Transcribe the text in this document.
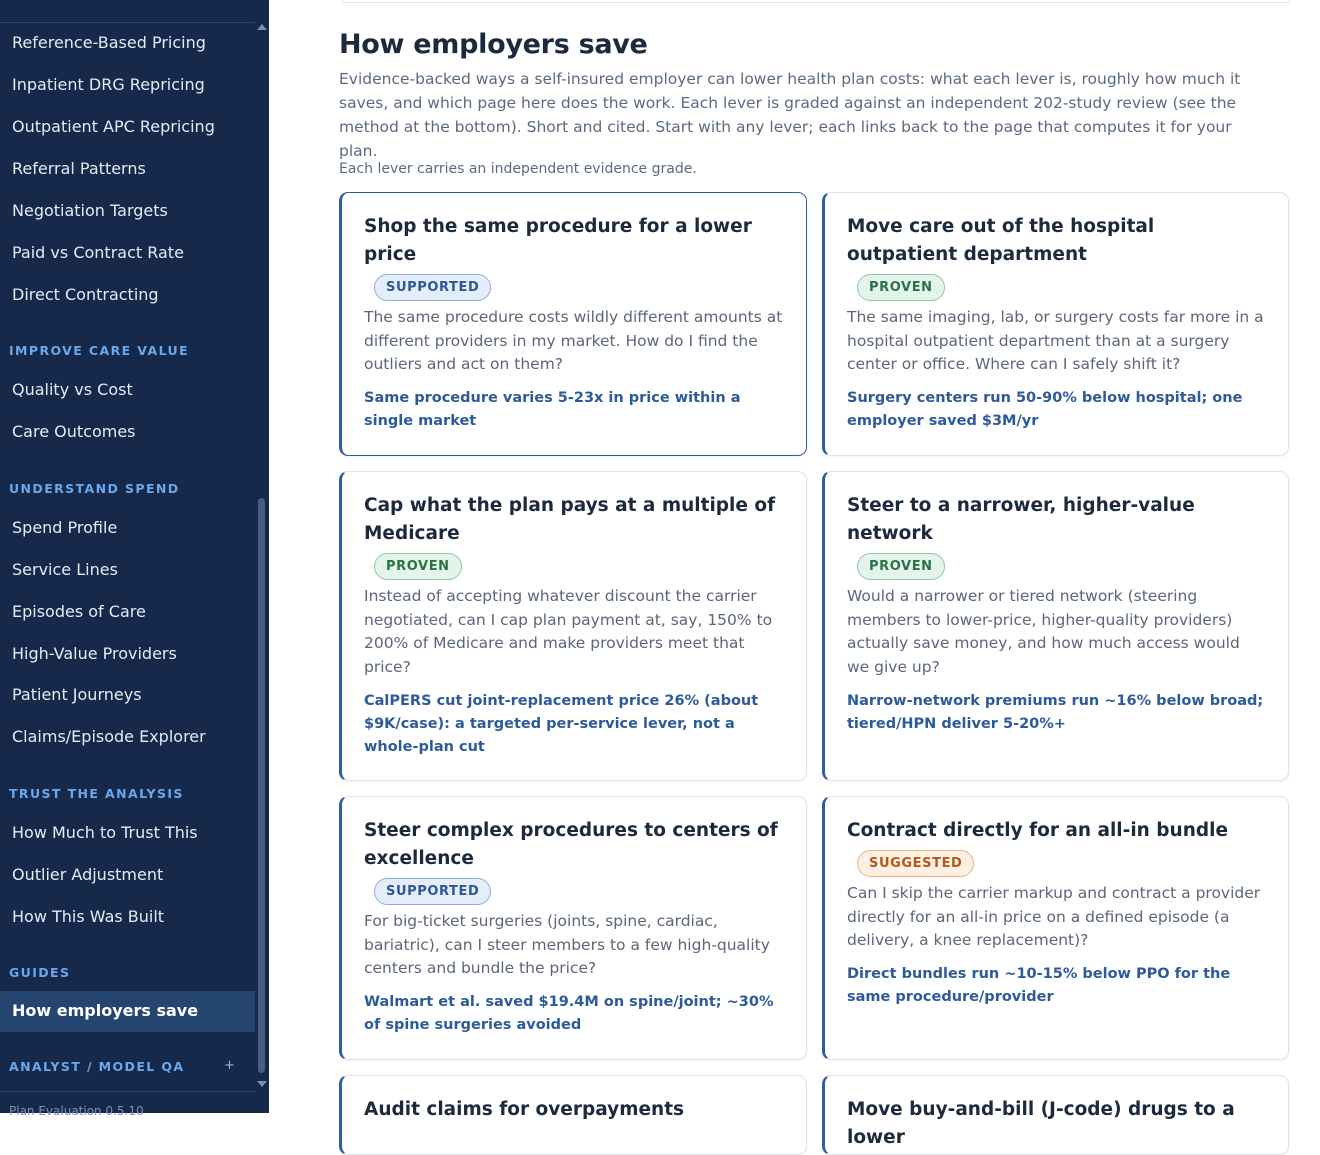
Reference-Based Pricing
Inpatient DRG Repricing
Outpatient APC Repricing
Referral Patterns
Negotiation Targets
Paid vs Contract Rate
Direct Contracting
IMPROVE CARE VALUE
Quality vs Cost
Care Outcomes
UNDERSTAND SPEND
Spend Profile
Service Lines
Episodes of Care
High-Value Providers
Patient Journeys
Claims/Episode Explorer
TRUST THE ANALYSIS
How Much to Trust This
Outlier Adjustment
How This Was Built
GUIDES
How employers save
ANALYST / MODEL QA	+
Plan Evaluation 0.5.10
How employers save

Evidence-backed ways a self-insured employer can lower health plan costs: what each lever is, roughly how much it saves, and which page here does the work. Each lever is graded against an independent 202-study review (see the method at the bottom). Short and cited. Start with any lever; each links back to the page that computes it for your plan.

Each lever carries an independent evidence grade.

Shop the same procedure for a lower price
SUPPORTED
The same procedure costs wildly different amounts at different providers in my market. How do I find the outliers and act on them?
Same procedure varies 5-23x in price within a single market
Move care out of the hospital outpatient department
PROVEN
The same imaging, lab, or surgery costs far more in a hospital outpatient department than at a surgery center or office. Where can I safely shift it?
Surgery centers run 50-90% below hospital; one employer saved $3M/yr
Cap what the plan pays at a multiple of Medicare
PROVEN
Instead of accepting whatever discount the carrier negotiated, can I cap plan payment at, say, 150% to 200% of Medicare and make providers meet that price?
CalPERS cut joint-replacement price 26% (about $9K/case): a targeted per-service lever, not a whole-plan cut
Steer to a narrower, higher-value network
PROVEN
Would a narrower or tiered network (steering members to lower-price, higher-quality providers) actually save money, and how much access would we give up?
Narrow-network premiums run ~16% below broad; tiered/HPN deliver 5-20%+
Steer complex procedures to centers of excellence
SUPPORTED
For big-ticket surgeries (joints, spine, cardiac, bariatric), can I steer members to a few high-quality centers and bundle the price?
Walmart et al. saved $19.4M on spine/joint; ~30% of spine surgeries avoided
Contract directly for an all-in bundle
SUGGESTED
Can I skip the carrier markup and contract a provider directly for an all-in price on a defined episode (a delivery, a knee replacement)?
Direct bundles run ~10-15% below PPO for the same procedure/provider
Audit claims for overpayments	Move buy-and-bill (J-code) drugs to a lower
